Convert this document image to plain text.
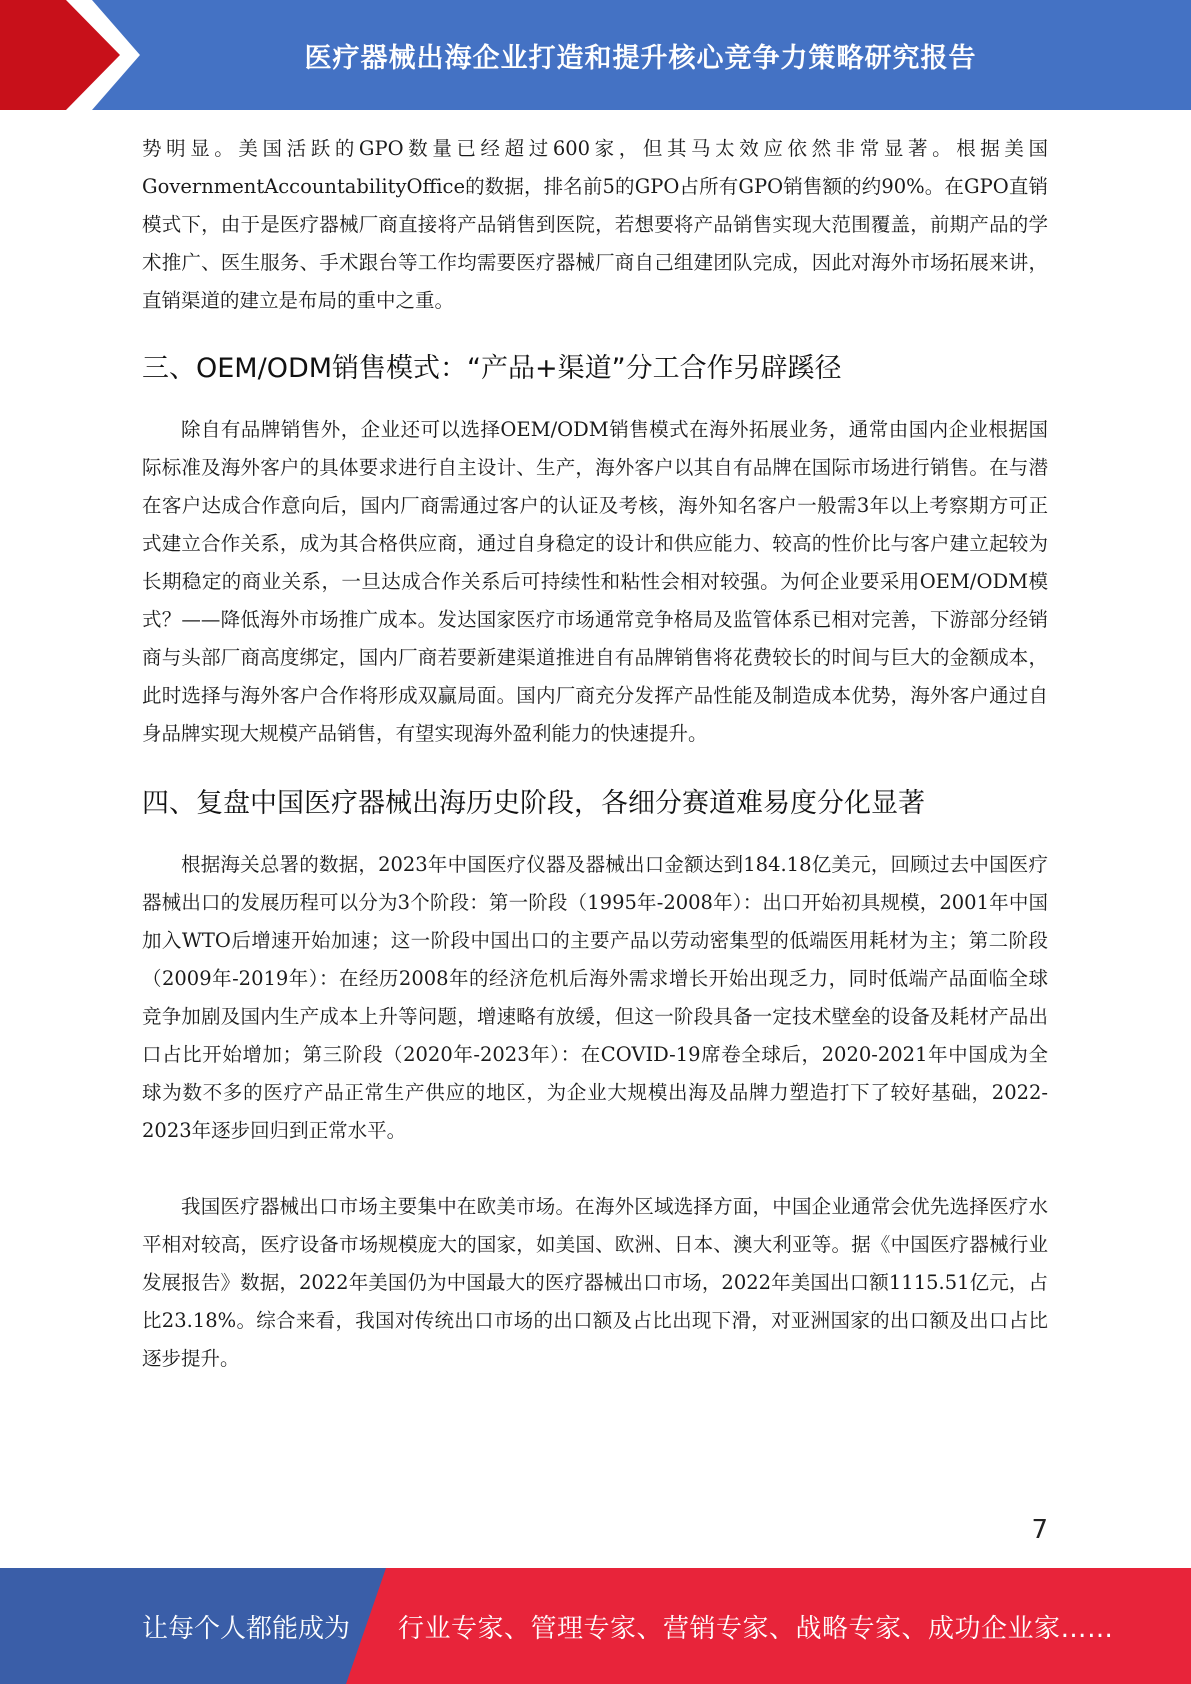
医疗器械出海企业打造和提升核心竞争力策略研究报告

势明显。美国活跃的GPO数量已经超过600家，但其马太效应依然非常显著。根据美国GovernmentAccountabilityOffice的数据，排名前5的GPO占所有GPO销售额的约90%。在GPO直销模式下，由于是医疗器械厂商直接将产品销售到医院，若想要将产品销售实现大范围覆盖，前期产品的学术推广、医生服务、手术跟台等工作均需要医疗器械厂商自己组建团队完成，因此对海外市场拓展来讲，直销渠道的建立是布局的重中之重。

三、OEM/ODM销售模式：“产品+渠道”分工合作另辟蹊径

除自有品牌销售外，企业还可以选择OEM/ODM销售模式在海外拓展业务，通常由国内企业根据国际标准及海外客户的具体要求进行自主设计、生产，海外客户以其自有品牌在国际市场进行销售。在与潜在客户达成合作意向后，国内厂商需通过客户的认证及考核，海外知名客户一般需3年以上考察期方可正式建立合作关系，成为其合格供应商，通过自身稳定的设计和供应能力、较高的性价比与客户建立起较为长期稳定的商业关系，一旦达成合作关系后可持续性和粘性会相对较强。为何企业要采用OEM/ODM模式？——降低海外市场推广成本。发达国家医疗市场通常竞争格局及监管体系已相对完善，下游部分经销商与头部厂商高度绑定，国内厂商若要新建渠道推进自有品牌销售将花费较长的时间与巨大的金额成本，此时选择与海外客户合作将形成双赢局面。国内厂商充分发挥产品性能及制造成本优势，海外客户通过自身品牌实现大规模产品销售，有望实现海外盈利能力的快速提升。

四、复盘中国医疗器械出海历史阶段，各细分赛道难易度分化显著

根据海关总署的数据，2023年中国医疗仪器及器械出口金额达到184.18亿美元，回顾过去中国医疗器械出口的发展历程可以分为3个阶段：第一阶段（1995年-2008年）：出口开始初具规模，2001年中国加入WTO后增速开始加速；这一阶段中国出口的主要产品以劳动密集型的低端医用耗材为主；第二阶段（2009年-2019年）：在经历2008年的经济危机后海外需求增长开始出现乏力，同时低端产品面临全球竞争加剧及国内生产成本上升等问题，增速略有放缓，但这一阶段具备一定技术壁垒的设备及耗材产品出口占比开始增加；第三阶段（2020年-2023年）：在COVID-19席卷全球后，2020-2021年中国成为全球为数不多的医疗产品正常生产供应的地区，为企业大规模出海及品牌力塑造打下了较好基础，2022-2023年逐步回归到正常水平。

我国医疗器械出口市场主要集中在欧美市场。在海外区域选择方面，中国企业通常会优先选择医疗水平相对较高，医疗设备市场规模庞大的国家，如美国、欧洲、日本、澳大利亚等。据《中国医疗器械行业发展报告》数据，2022年美国仍为中国最大的医疗器械出口市场，2022年美国出口额1115.51亿元，占比23.18%。综合来看，我国对传统出口市场的出口额及占比出现下滑，对亚洲国家的出口额及出口占比逐步提升。

7
让每个人都能成为 行业专家、管理专家、营销专家、战略专家、成功企业家……
